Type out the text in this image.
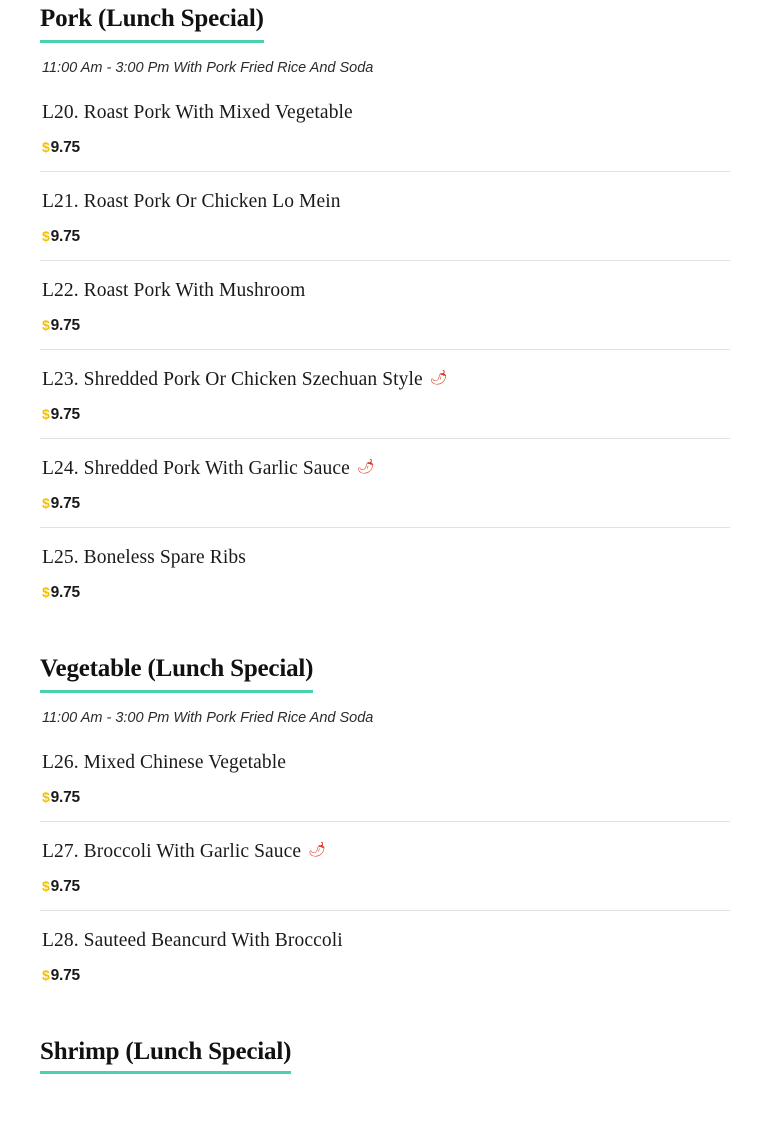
Pork (Lunch Special)
11:00 Am - 3:00 Pm With Pork Fried Rice And Soda
L20. Roast Pork With Mixed Vegetable
$9.75
L21. Roast Pork Or Chicken Lo Mein
$9.75
L22. Roast Pork With Mushroom
$9.75
L23. Shredded Pork Or Chicken Szechuan Style 🌶
$9.75
L24. Shredded Pork With Garlic Sauce 🌶
$9.75
L25. Boneless Spare Ribs
$9.75
Vegetable (Lunch Special)
11:00 Am - 3:00 Pm With Pork Fried Rice And Soda
L26. Mixed Chinese Vegetable
$9.75
L27. Broccoli With Garlic Sauce 🌶
$9.75
L28. Sauteed Beancurd With Broccoli
$9.75
Shrimp (Lunch Special)
